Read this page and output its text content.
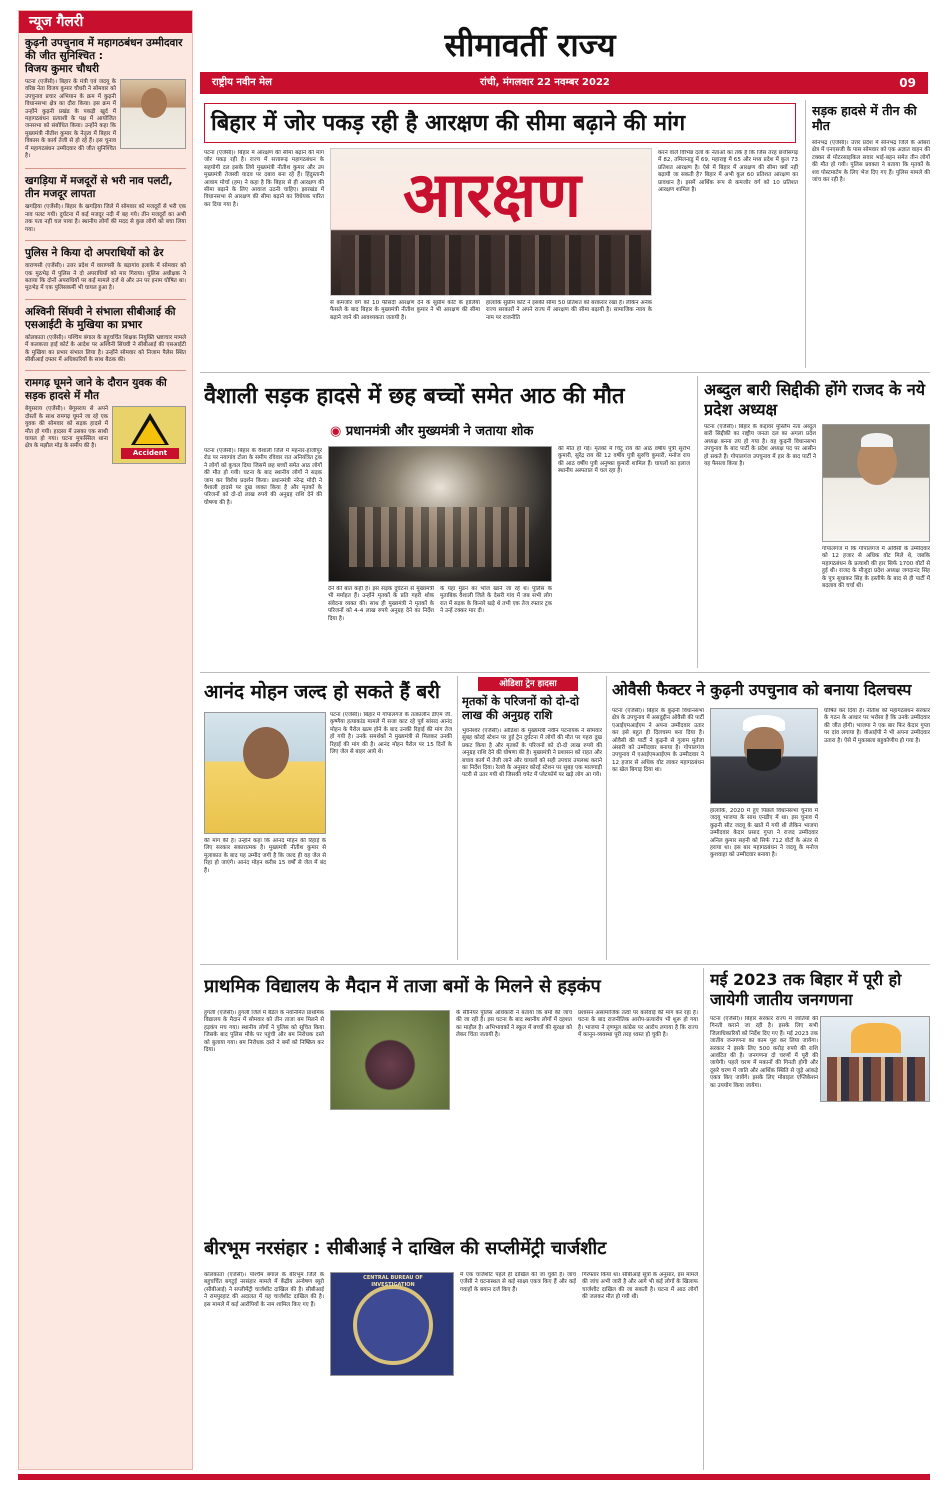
न्यूज गैलरी
कुढ़नी उपचुनाव में महागठबंधन उम्मीदवार की जीत सुनिश्चित :
विजय कुमार चौधरी
पटना (एजेंसी)। बिहार के मंत्री एवं जदयू के वरिष्ठ नेता विजय कुमार चौधरी ने सोमवार को उपचुनाव प्रचार अभियान के क्रम में कुढ़नी विधानसभा क्षेत्र का दौरा किया। इस क्रम में उन्होंने कुढ़नी प्रखंड के पकड़ी खुर्द में महागठबंधन प्रत्याशी के पक्ष में आयोजित जनसभा को संबोधित किया। उन्होंने कहा कि मुख्यमंत्री नीतीश कुमार के नेतृत्व में बिहार में विकास के कार्य तेजी से हो रहे हैं। इस चुनाव में महागठबंधन उम्मीदवार की जीत सुनिश्चित है।
खगड़िया में मजदूरों से भरी नाव पलटी, तीन मजदूर लापता
खगड़िया (एजेंसी)। बिहार के खगड़िया जिले में सोमवार को मजदूरों से भरी एक नाव पलट गयी। दुर्घटना में कई मजदूर नदी में बह गये। तीन मजदूरों का अभी तक पता नहीं चल पाया है। स्थानीय लोगों की मदद से कुछ लोगों को बचा लिया गया।
पुलिस ने किया दो अपराधियों को ढेर
वाराणसी (एजेंसी)। उत्तर प्रदेश में वाराणसी के बड़ागांव इलाके में सोमवार को एक मुठभेड़ में पुलिस ने दो अपराधियों को मार गिराया। पुलिस अधीक्षक ने बताया कि दोनों अपराधियों पर कई मामले दर्ज थे और उन पर इनाम घोषित था। मुठभेड़ में एक पुलिसकर्मी भी घायल हुआ है।
अश्विनी सिंघवी ने संभाला सीबीआई की एसआईटी के मुखिया का प्रभार
कोलकाता (एजेंसी)। पश्चिम बंगाल के बहुचर्चित शिक्षक नियुक्ति भ्रष्टाचार मामले में कलकत्ता हाई कोर्ट के आदेश पर अश्विनी सिंघवी ने सीबीआई की एसआईटी के मुखिया का प्रभार संभाल लिया है। उन्होंने सोमवार को निजाम पैलेस स्थित सीबीआई दफ्तर में अधिकारियों के साथ बैठक की।
रामगढ़ घूमने जाने के दौरान युवक की सड़क हादसे में मौत
Accident
बेगूसराय (एजेंसी)। बेगूसराय से अपने दोस्तों के साथ रामगढ़ घूमने जा रहे एक युवक की सोमवार को सड़क हादसे में मौत हो गयी। हादसा में उसका एक साथी घायल हो गया। घटना मुफस्सिल थाना क्षेत्र के मझौल मोड़ के समीप की है।
सीमावर्ती राज्य
राष्ट्रीय नवीन मेल	रांची, मंगलवार 22 नवम्बर 2022	09
बिहार में जोर पकड़ रही है आरक्षण की सीमा बढ़ाने की मांग
पटना (एजेंसी)। बिहार में आरक्षण की सीमा बढ़ाने की मांग जोर पकड़ रही है। राज्य में सत्तारूढ़ महागठबंधन के सहयोगी दल इसके लिये मुख्यमंत्री नीतीश कुमार और उप मुख्यमंत्री तेजस्वी यादव पर दबाव बना रहे हैं। हिंदुस्तानी आवाम मोर्चा (हम) ने कहा है कि बिहार से ही आरक्षण की सीमा बढ़ाने के लिए आवाज उठनी चाहिए। झारखंड में विधानसभा से आरक्षण की सीमा बढ़ाने का विधेयक पारित कर दिया गया है।	आरक्षण
से कमजोर वर्ग को 10 फीसदी आरक्षण देने के सुप्रीम कोर्ट के हालिया फैसले के बाद बिहार के मुख्यमंत्री नीतीश कुमार ने भी आरक्षण की सीमा बढ़ाने जाने की आवश्यकता जतायी है।
हालांकि सुप्रीम कोर्ट ने इसकी सीमा 50 प्रतिशत को बरकरार रखा है। लेकिन अनेक राज्य सरकारों ने अपने राज्य में आरक्षण की सीमा बढ़ायी है। सामाजिक न्याय के नाम पर राजनीति
करने वाले विभिन्न दलों के नेताओं का तर्क है कि जिस तरह छत्तीसगढ़ में 82, तमिलनाडु में 69, महाराष्ट्र में 65 और मध्य प्रदेश में कुल 73 प्रतिशत आरक्षण है। ऐसे में बिहार में आरक्षण की सीमा क्यों नहीं बढ़ायी जा सकती है? बिहार में अभी कुल 60 प्रतिशत आरक्षण का प्रावधान है। इसमें आर्थिक रूप से कमजोर वर्ग को 10 प्रतिशत आरक्षण शामिल है।
सड़क हादसे में तीन की मौत
सोनभद्र (एजेंसी)। उत्तर प्रदेश में सोनभद्र जिले के ओबरा क्षेत्र में एनएसजी के पास सोमवार को एक अज्ञात वाहन की टक्कर से मोटरसाइकिल सवार भाई-बहन समेत तीन लोगों की मौत हो गयी। पुलिस प्रवक्ता ने बताया कि मृतकों के शव पोस्टमार्टम के लिए भेज दिए गए हैं। पुलिस मामले की जांच कर रही है।
वैशाली सड़क हादसे में छह बच्चों समेत आठ की मौत
◉ प्रधानमंत्री और मुख्यमंत्री ने जताया शोक
पटना (एजेंसी)। बिहार के वैशाली जिले में महनार-हाजीपुर रोड पर नयागांव टोला के समीप रविवार रात अनियंत्रित ट्रक ने लोगों को कुचल दिया जिसमें छह बच्चों समेत आठ लोगों की मौत हो गयी। घटना के बाद स्थानीय लोगों ने सड़क जाम कर विरोध प्रदर्शन किया। प्रधानमंत्री नरेन्द्र मोदी ने वैशाली हादसे पर दुख व्यक्त किया है और मृतकों के परिजनों को दो-दो लाख रुपये की अनुग्रह राशि देने की घोषणा की है।
देने की बात कही है। इस सड़क दुर्घटना से मुख्यमंत्री भी मर्माहत हैं। उन्होंने मृतकों के प्रति गहरी शोक संवेदना व्यक्त की। साथ ही मुख्यमंत्री ने मृतकों के परिजनों को 4-4 लाख रुपये अनुग्रह देने का निर्देश दिया है।
के यहां मुंडन का भोज खाने जा रहे थे। पुलिस के मुताबिक वैशाली जिले के देसरी गांव में जब सभी लोग रात में सड़क के किनारे खड़े थे तभी एक तेज रफ्तार ट्रक ने उन्हें टक्कर मार दी।
की मौत हो गई। मृतकों में चिंटू राय की आठ वर्षीय पुत्री सुरभि कुमारी, सुरेंद्र राय की 12 वर्षीय पुत्री सुरुचि कुमारी, मनोज राय की आठ वर्षीय पुत्री अनुष्का कुमारी शामिल हैं। घायलों का इलाज स्थानीय अस्पताल में चल रहा है।
अब्दुल बारी सिद्दीकी होंगे राजद के नये प्रदेश अध्यक्ष
पटना (एजेंसी)। बिहार के कद्दावर मुस्लिम नेता अब्दुल बारी सिद्दीकी का राष्ट्रीय जनता दल का अगला प्रदेश अध्यक्ष बनना तय हो गया है। वह कुढ़नी विधानसभा उपचुनाव के बाद पार्टी के प्रदेश अध्यक्ष पद पर आसीन हो सकते हैं। गोपालगंज उपचुनाव में हार के बाद पार्टी ने यह फैसला किया है।
गोपालगंज में कि गोपालगंज में ओवैसी के उम्मीदवार को 12 हजार से अधिक वोट मिले थे, जबकि महागठबंधन के प्रत्याशी की हार सिर्फ 1700 वोटों से हुई थी। राजद के मौजूदा प्रदेश अध्यक्ष जगदानंद सिंह के पुत्र सुधाकर सिंह के इस्तीफे के बाद से ही पार्टी में बदलाव की चर्चा थी।
आनंद मोहन जल्द हो सकते हैं बरी
पटना (एजेंसी)। बिहार में गोपालगंज के तत्कालीन डीएम जी. कृष्णैया हत्याकांड मामले में सजा काट रहे पूर्व सांसद आनंद मोहन के पैरोल खत्म होने के बाद उनकी रिहाई की मांग तेज हो गयी है। उनके समर्थकों ने मुख्यमंत्री से मिलकर उनकी रिहाई की मांग की है। आनंद मोहन पैरोल पर 15 दिनों के लिए जेल से बाहर आये थे।
की मांग की है। उन्होंने कहा कि आनंद मोहन की रिहाई के लिए सरकार सकारात्मक है। मुख्यमंत्री नीतीश कुमार से मुलाकात के बाद यह उम्मीद जगी है कि जल्द ही वह जेल से रिहा हो जाएंगे। आनंद मोहन करीब 15 वर्षों से जेल में बंद हैं।
ओडिशा ट्रेन हादसा
मृतकों के परिजनों को दो-दो लाख की अनुग्रह राशि
भुवनेश्वर (एजेंसी)। ओडिशा के मुख्यमंत्री नवीन पटनायक ने सोमवार सुबह कोरई स्टेशन पर हुई ट्रेन दुर्घटना में लोगों की मौत पर गहरा दुख प्रकट किया है और मृतकों के परिजनों को दो-दो लाख रुपये की अनुग्रह राशि देने की घोषणा की है। मुख्यमंत्री ने प्रशासन को राहत और बचाव कार्य में तेजी लाने और घायलों को सही उपचार उपलब्ध कराने का निर्देश दिया। रेलवे के अनुसार कोरई स्टेशन पर सुबह एक मालगाड़ी पटरी से उतर गयी थी जिसकी चपेट में प्लेटफॉर्म पर खड़े लोग आ गये।
ओवैसी फैक्टर ने कुढ़नी उपचुनाव को बनाया दिलचस्प
पटना (एजेंसी)। बिहार के कुढ़नी विधानसभा क्षेत्र के उपचुनाव में असदुद्दीन ओवैसी की पार्टी एआईएमआईएम ने अपना उम्मीदवार उतार कर इसे बहुत ही दिलचस्प बना दिया है। ओवैसी की पार्टी ने कुढ़नी से गुलाम मुर्तजा अंसारी को उम्मीदवार बनाया है। गोपालगंज उपचुनाव में एआईएमआईएम के उम्मीदवार ने 12 हजार से अधिक वोट लाकर महागठबंधन का खेल बिगाड़ दिया था।
हालांकि, 2020 में हुए पिछले विधानसभा चुनाव में जदयू भाजपा के साथ एनडीए में था। इस चुनाव में कुढ़नी सीट जदयू के खाते में गयी थी लेकिन भाजपा उम्मीदवार केदार प्रसाद गुप्ता ने राजद उम्मीदवार अनिल कुमार सहनी को सिर्फ 712 वोटों के अंतर से हराया था। इस बार महागठबंधन ने जदयू के मनोज कुशवाहा को उम्मीदवार बनाया है।
घोषित कर दिया है। नीतीश को महागठबंधन सरकार के गठन के आधार पर भरोसा है कि उनके उम्मीदवार की जीत होगी। भाजपा ने एक बार फिर केदार गुप्ता पर दांव लगाया है। वीआईपी ने भी अपना उम्मीदवार उतारा है। ऐसे में मुकाबला बहुकोणीय हो गया है।
प्राथमिक विद्यालय के मैदान में ताजा बमों के मिलने से हड़कंप
हुगली (एजेंसी)। हुगली जिले में बैंडेल के नवनिर्मित प्राथमिक विद्यालय के मैदान में सोमवार को तीन ताजा बम मिलने से हड़कंप मच गया। स्थानीय लोगों ने पुलिस को सूचित किया जिसके बाद पुलिस मौके पर पहुंची और बम निरोधक दस्ते को बुलाया गया। बम निरोधक दस्ते ने बमों को निष्क्रिय कर दिया।
के सीनियर पुलिस अधिकारी ने बताया कि बमों की जांच की जा रही है। इस घटना के बाद स्थानीय लोगों में दहशत का माहौल है। अभिभावकों ने स्कूल में बच्चों की सुरक्षा को लेकर चिंता जतायी है।
प्रशासन असामाजिक तत्वों पर कार्रवाई की मांग कर रहा है। घटना के बाद राजनीतिक आरोप-प्रत्यारोप भी शुरू हो गया है। भाजपा ने तृणमूल कांग्रेस पर आरोप लगाया है कि राज्य में कानून-व्यवस्था पूरी तरह ध्वस्त हो चुकी है।
मई 2023 तक बिहार में पूरी हो जायेगी जातीय जनगणना
पटना (एजेंसी)। बिहार सरकार राज्य में जातियों की गिनती कराने जा रही है। इसके लिए सभी जिलाधिकारियों को निर्देश दिए गए हैं। मई 2023 तक जातीय जनगणना का काम पूरा कर लिया जायेगा। सरकार ने इसके लिए 500 करोड़ रुपये की राशि आवंटित की है। जनगणना दो चरणों में पूरी की जायेगी। पहले चरण में मकानों की गिनती होगी और दूसरे चरण में जाति और आर्थिक स्थिति से जुड़े आंकड़े एकत्र किए जायेंगे। इसके लिए मोबाइल एप्लिकेशन का उपयोग किया जायेगा।
बीरभूम नरसंहार : सीबीआई ने दाखिल की सप्लीमेंट्री चार्जशीट
कोलकाता (एजेंसी)। पश्चिम बंगाल के बीरभूम जिले के बहुचर्चित बगटुई नरसंहार मामले में केंद्रीय अन्वेषण ब्यूरो (सीबीआई) ने सप्लीमेंट्री चार्जशीट दाखिल की है। सीबीआई ने रामपुरहाट की अदालत में यह चार्जशीट दाखिल की है। इस मामले में कई आरोपियों के नाम शामिल किए गए हैं।
CENTRAL BUREAU OF INVESTIGATION
में एक चार्जशीट पहले ही दाखिल की जा चुकी है। जांच एजेंसी ने घटनास्थल से कई साक्ष्य एकत्र किए हैं और कई गवाहों के बयान दर्ज किए हैं।
गिरफ्तार किया था। सीबीआई सूत्रों के अनुसार, इस मामले की जांच अभी जारी है और आगे भी कई लोगों के खिलाफ चार्जशीट दाखिल की जा सकती है। घटना में आठ लोगों की जलकर मौत हो गयी थी।
